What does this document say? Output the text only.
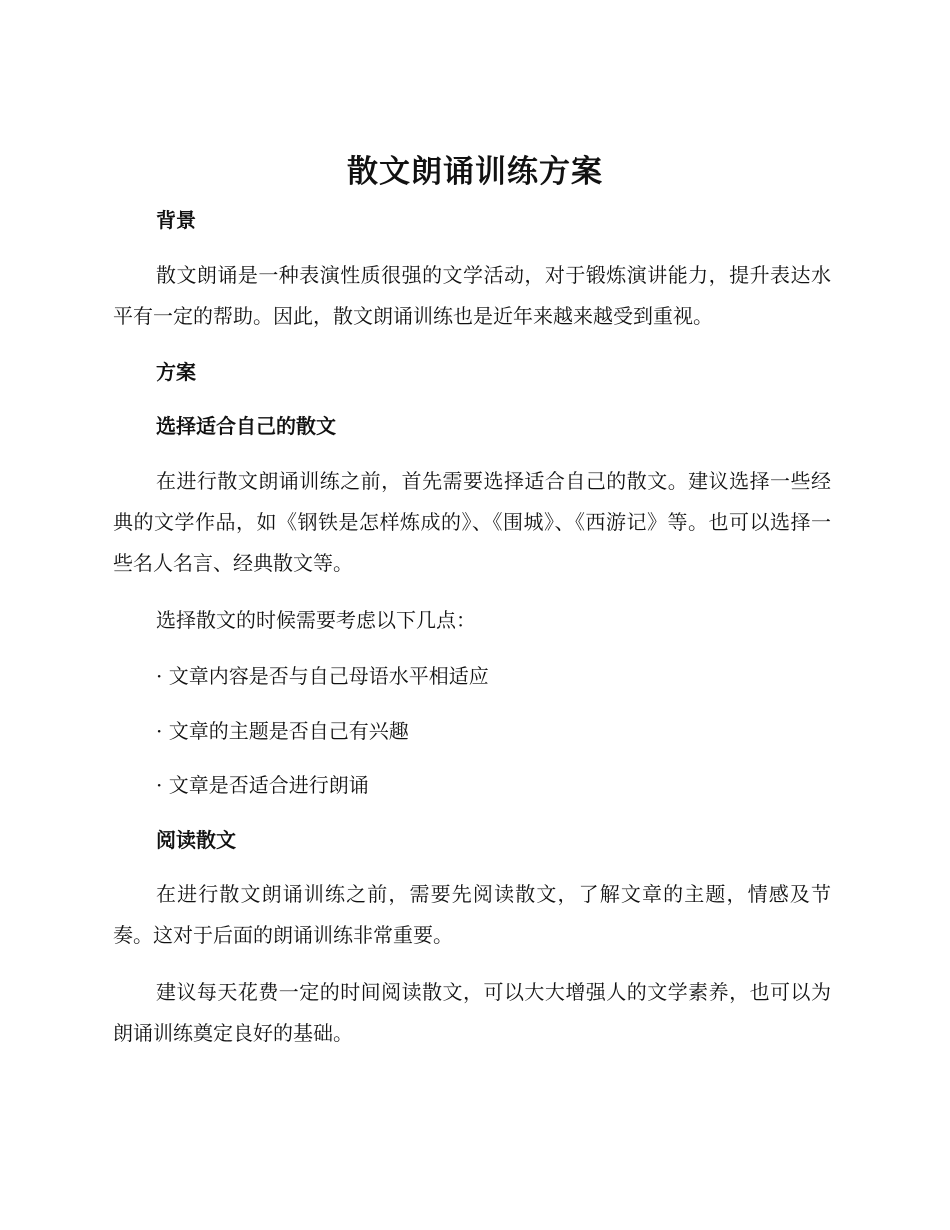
散文朗诵训练方案
背景

散文朗诵是一种表演性质很强的文学活动，对于锻炼演讲能力，提升表达水平有一定的帮助。因此，散文朗诵训练也是近年来越来越受到重视。

方案
选择适合自己的散文

在进行散文朗诵训练之前，首先需要选择适合自己的散文。建议选择一些经典的文学作品，如《钢铁是怎样炼成的》、《围城》、《西游记》等。也可以选择一些名人名言、经典散文等。

选择散文的时候需要考虑以下几点：

· 文章内容是否与自己母语水平相适应

· 文章的主题是否自己有兴趣

· 文章是否适合进行朗诵

阅读散文

在进行散文朗诵训练之前，需要先阅读散文，了解文章的主题，情感及节奏。这对于后面的朗诵训练非常重要。

建议每天花费一定的时间阅读散文，可以大大增强人的文学素养，也可以为朗诵训练奠定良好的基础。
